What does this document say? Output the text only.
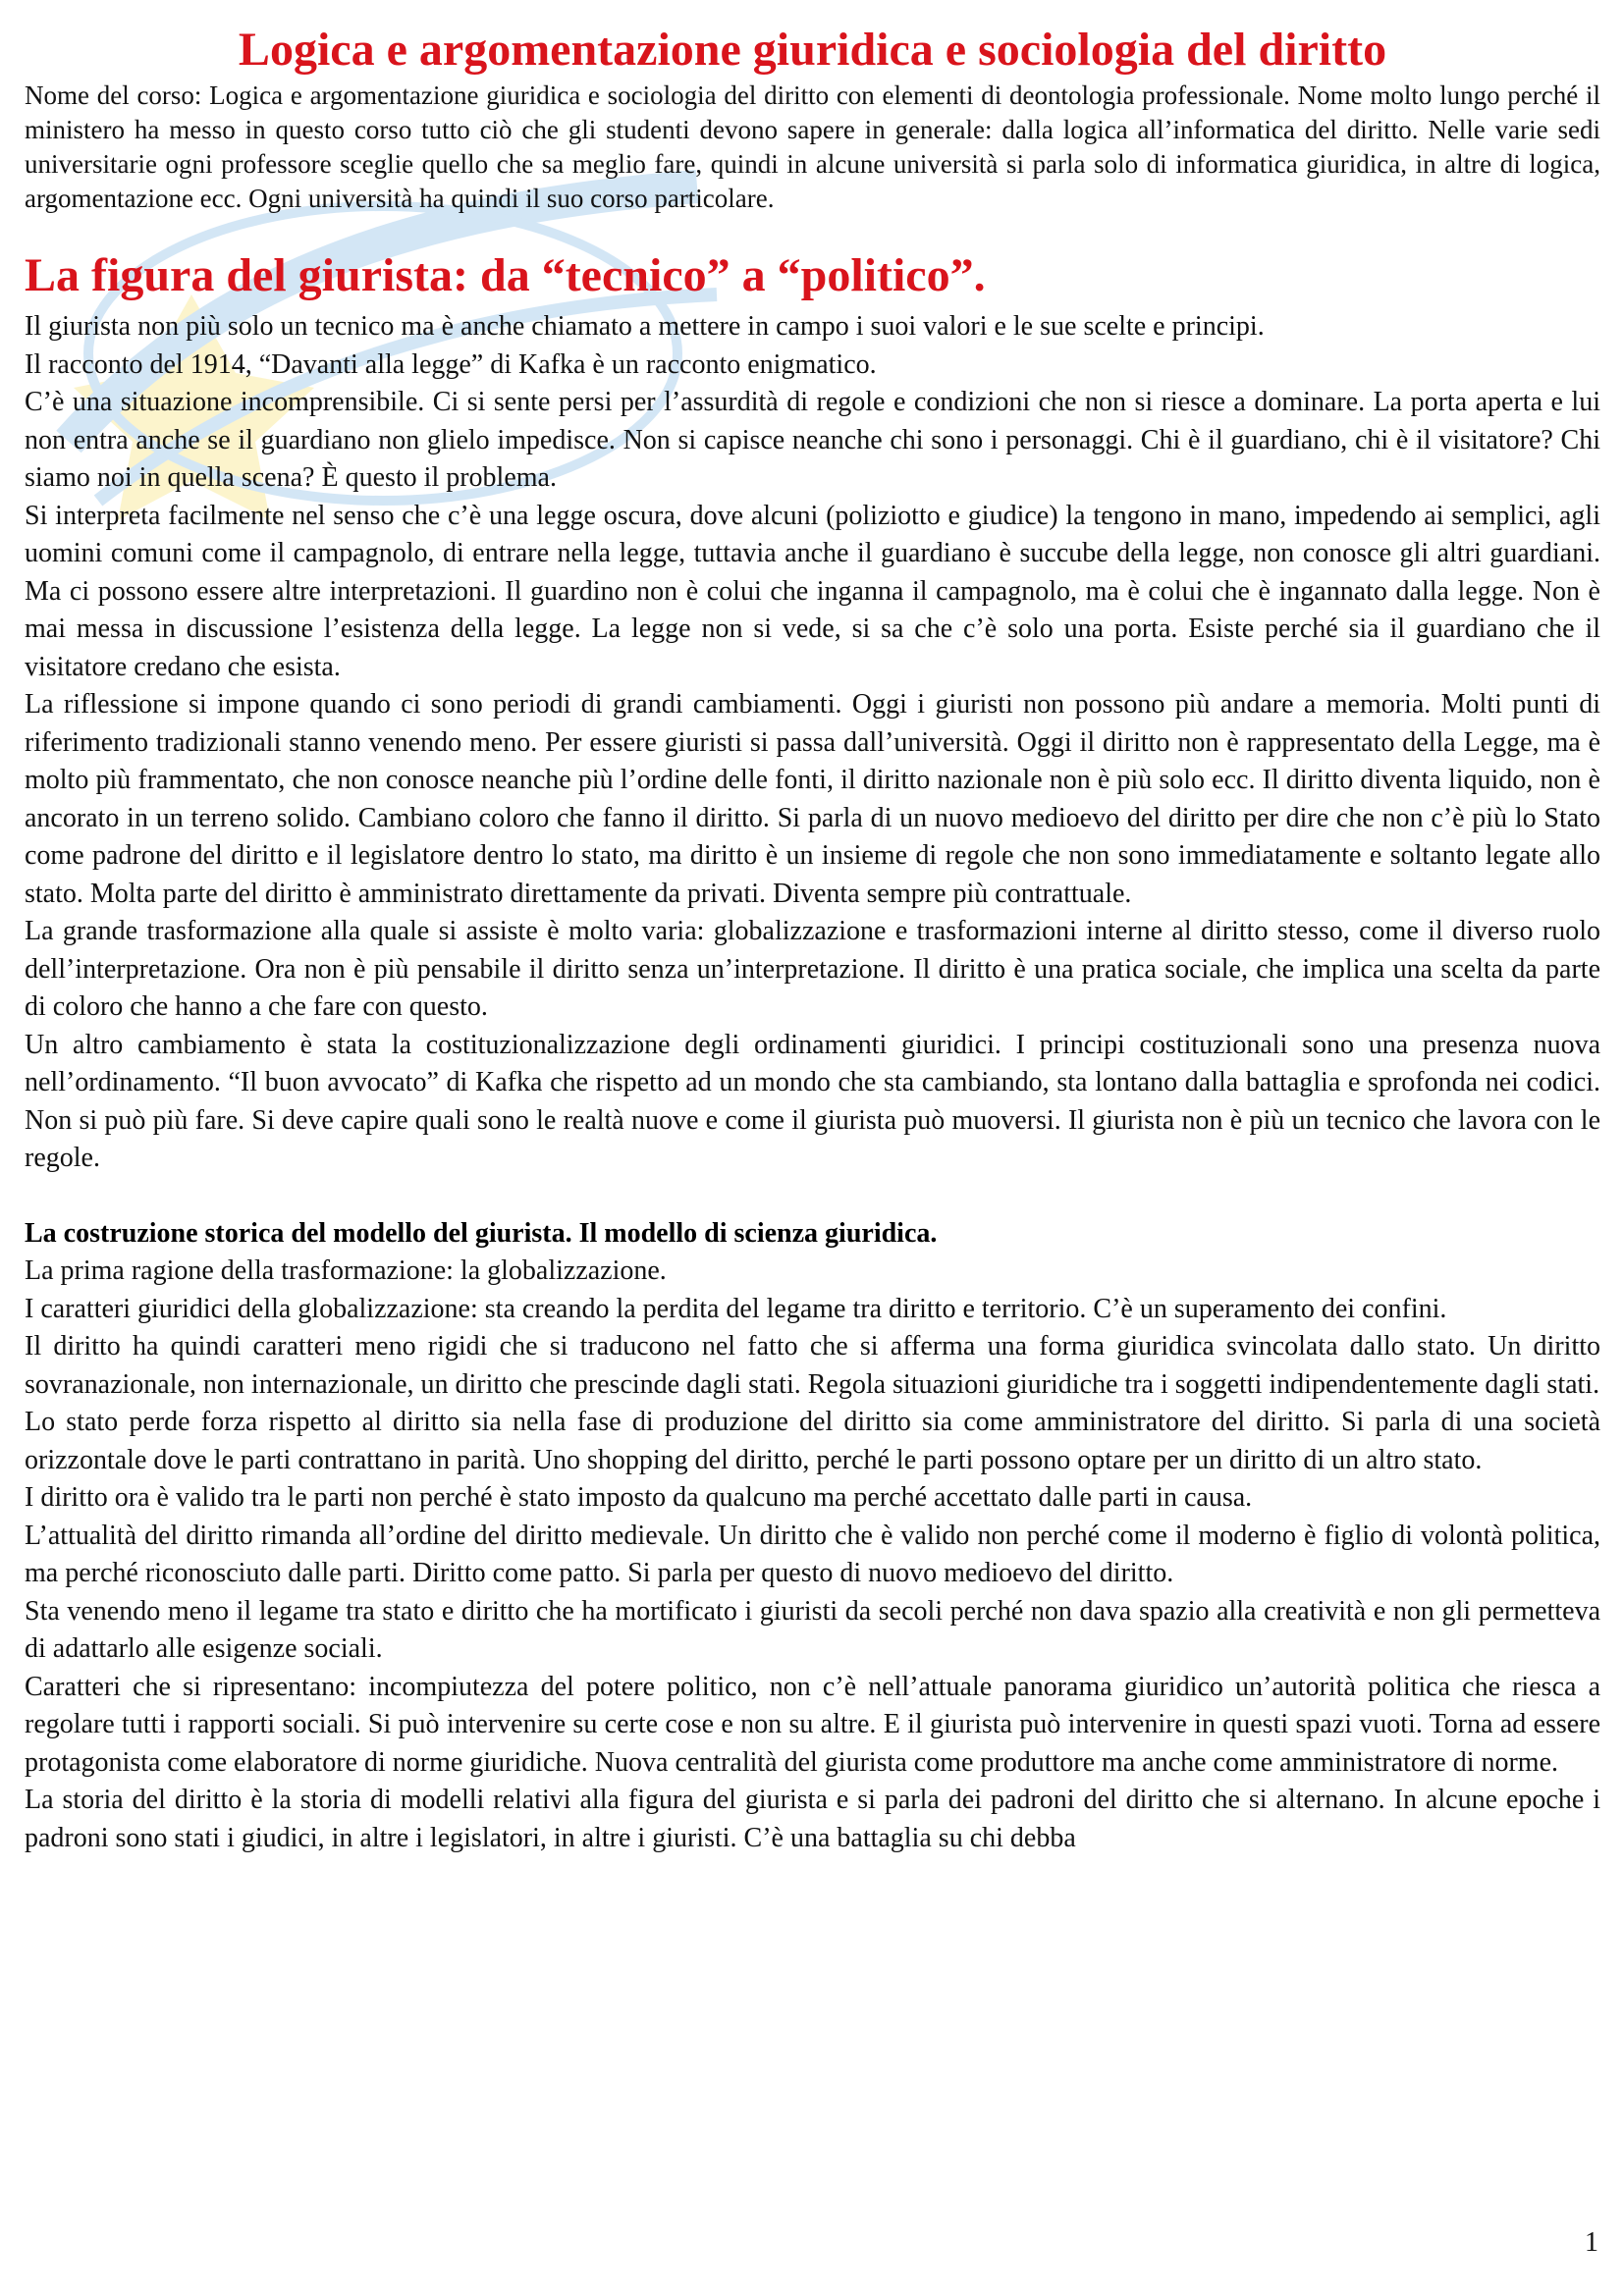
Logica e argomentazione giuridica e sociologia del diritto

Nome del corso: Logica e argomentazione giuridica e sociologia del diritto con elementi di deontologia professionale. Nome molto lungo perché il ministero ha messo in questo corso tutto ciò che gli studenti devono sapere in generale: dalla logica all’informatica del diritto. Nelle varie sedi universitarie ogni professore sceglie quello che sa meglio fare, quindi in alcune università si parla solo di informatica giuridica, in altre di logica, argomentazione ecc. Ogni università ha quindi il suo corso particolare.

La figura del giurista: da “tecnico” a “politico”.

Il giurista non più solo un tecnico ma è anche chiamato a mettere in campo i suoi valori e le sue scelte e principi.

Il racconto del 1914, “Davanti alla legge” di Kafka è un racconto enigmatico.

C’è una situazione incomprensibile. Ci si sente persi per l’assurdità di regole e condizioni che non si riesce a dominare. La porta aperta e lui non entra anche se il guardiano non glielo impedisce. Non si capisce neanche chi sono i personaggi. Chi è il guardiano, chi è il visitatore? Chi siamo noi in quella scena? È questo il problema.

Si interpreta facilmente nel senso che c’è una legge oscura, dove alcuni (poliziotto e giudice) la tengono in mano, impedendo ai semplici, agli uomini comuni come il campagnolo, di entrare nella legge, tuttavia anche il guardiano è succube della legge, non conosce gli altri guardiani. Ma ci possono essere altre interpretazioni. Il guardino non è colui che inganna il campagnolo, ma è colui che è ingannato dalla legge. Non è mai messa in discussione l’esistenza della legge. La legge non si vede, si sa che c’è solo una porta. Esiste perché sia il guardiano che il visitatore credano che esista.

La riflessione si impone quando ci sono periodi di grandi cambiamenti. Oggi i giuristi non possono più andare a memoria. Molti punti di riferimento tradizionali stanno venendo meno. Per essere giuristi si passa dall’università. Oggi il diritto non è rappresentato della Legge, ma è molto più frammentato, che non conosce neanche più l’ordine delle fonti, il diritto nazionale non è più solo ecc. Il diritto diventa liquido, non è ancorato in un terreno solido. Cambiano coloro che fanno il diritto. Si parla di un nuovo medioevo del diritto per dire che non c’è più lo Stato come padrone del diritto e il legislatore dentro lo stato, ma diritto è un insieme di regole che non sono immediatamente e soltanto legate allo stato. Molta parte del diritto è amministrato direttamente da privati. Diventa sempre più contrattuale.

La grande trasformazione alla quale si assiste è molto varia: globalizzazione e trasformazioni interne al diritto stesso, come il diverso ruolo dell’interpretazione. Ora non è più pensabile il diritto senza un’interpretazione. Il diritto è una pratica sociale, che implica una scelta da parte di coloro che hanno a che fare con questo.

Un altro cambiamento è stata la costituzionalizzazione degli ordinamenti giuridici. I principi costituzionali sono una presenza nuova nell’ordinamento. “Il buon avvocato” di Kafka che rispetto ad un mondo che sta cambiando, sta lontano dalla battaglia e sprofonda nei codici. Non si può più fare. Si deve capire quali sono le realtà nuove e come il giurista può muoversi. Il giurista non è più un tecnico che lavora con le regole.

La costruzione storica del modello del giurista. Il modello di scienza giuridica.

La prima ragione della trasformazione: la globalizzazione.

I caratteri giuridici della globalizzazione: sta creando la perdita del legame tra diritto e territorio. C’è un superamento dei confini.

Il diritto ha quindi caratteri meno rigidi che si traducono nel fatto che si afferma una forma giuridica svincolata dallo stato. Un diritto sovranazionale, non internazionale, un diritto che prescinde dagli stati. Regola situazioni giuridiche tra i soggetti indipendentemente dagli stati.

Lo stato perde forza rispetto al diritto sia nella fase di produzione del diritto sia come amministratore del diritto. Si parla di una società orizzontale dove le parti contrattano in parità. Uno shopping del diritto, perché le parti possono optare per un diritto di un altro stato.

I diritto ora è valido tra le parti non perché è stato imposto da qualcuno ma perché accettato dalle parti in causa.

L’attualità del diritto rimanda all’ordine del diritto medievale. Un diritto che è valido non perché come il moderno è figlio di volontà politica, ma perché riconosciuto dalle parti. Diritto come patto. Si parla per questo di nuovo medioevo del diritto.

Sta venendo meno il legame tra stato e diritto che ha mortificato i giuristi da secoli perché non dava spazio alla creatività e non gli permetteva di adattarlo alle esigenze sociali.

Caratteri che si ripresentano: incompiutezza del potere politico, non c’è nell’attuale panorama giuridico un’autorità politica che riesca a regolare tutti i rapporti sociali. Si può intervenire su certe cose e non su altre. E il giurista può intervenire in questi spazi vuoti. Torna ad essere protagonista come elaboratore di norme giuridiche. Nuova centralità del giurista come produttore ma anche come amministratore di norme.

La storia del diritto è la storia di modelli relativi alla figura del giurista e si parla dei padroni del diritto che si alternano. In alcune epoche i padroni sono stati i giudici, in altre i legislatori, in altre i giuristi. C’è una battaglia su chi debba

1
